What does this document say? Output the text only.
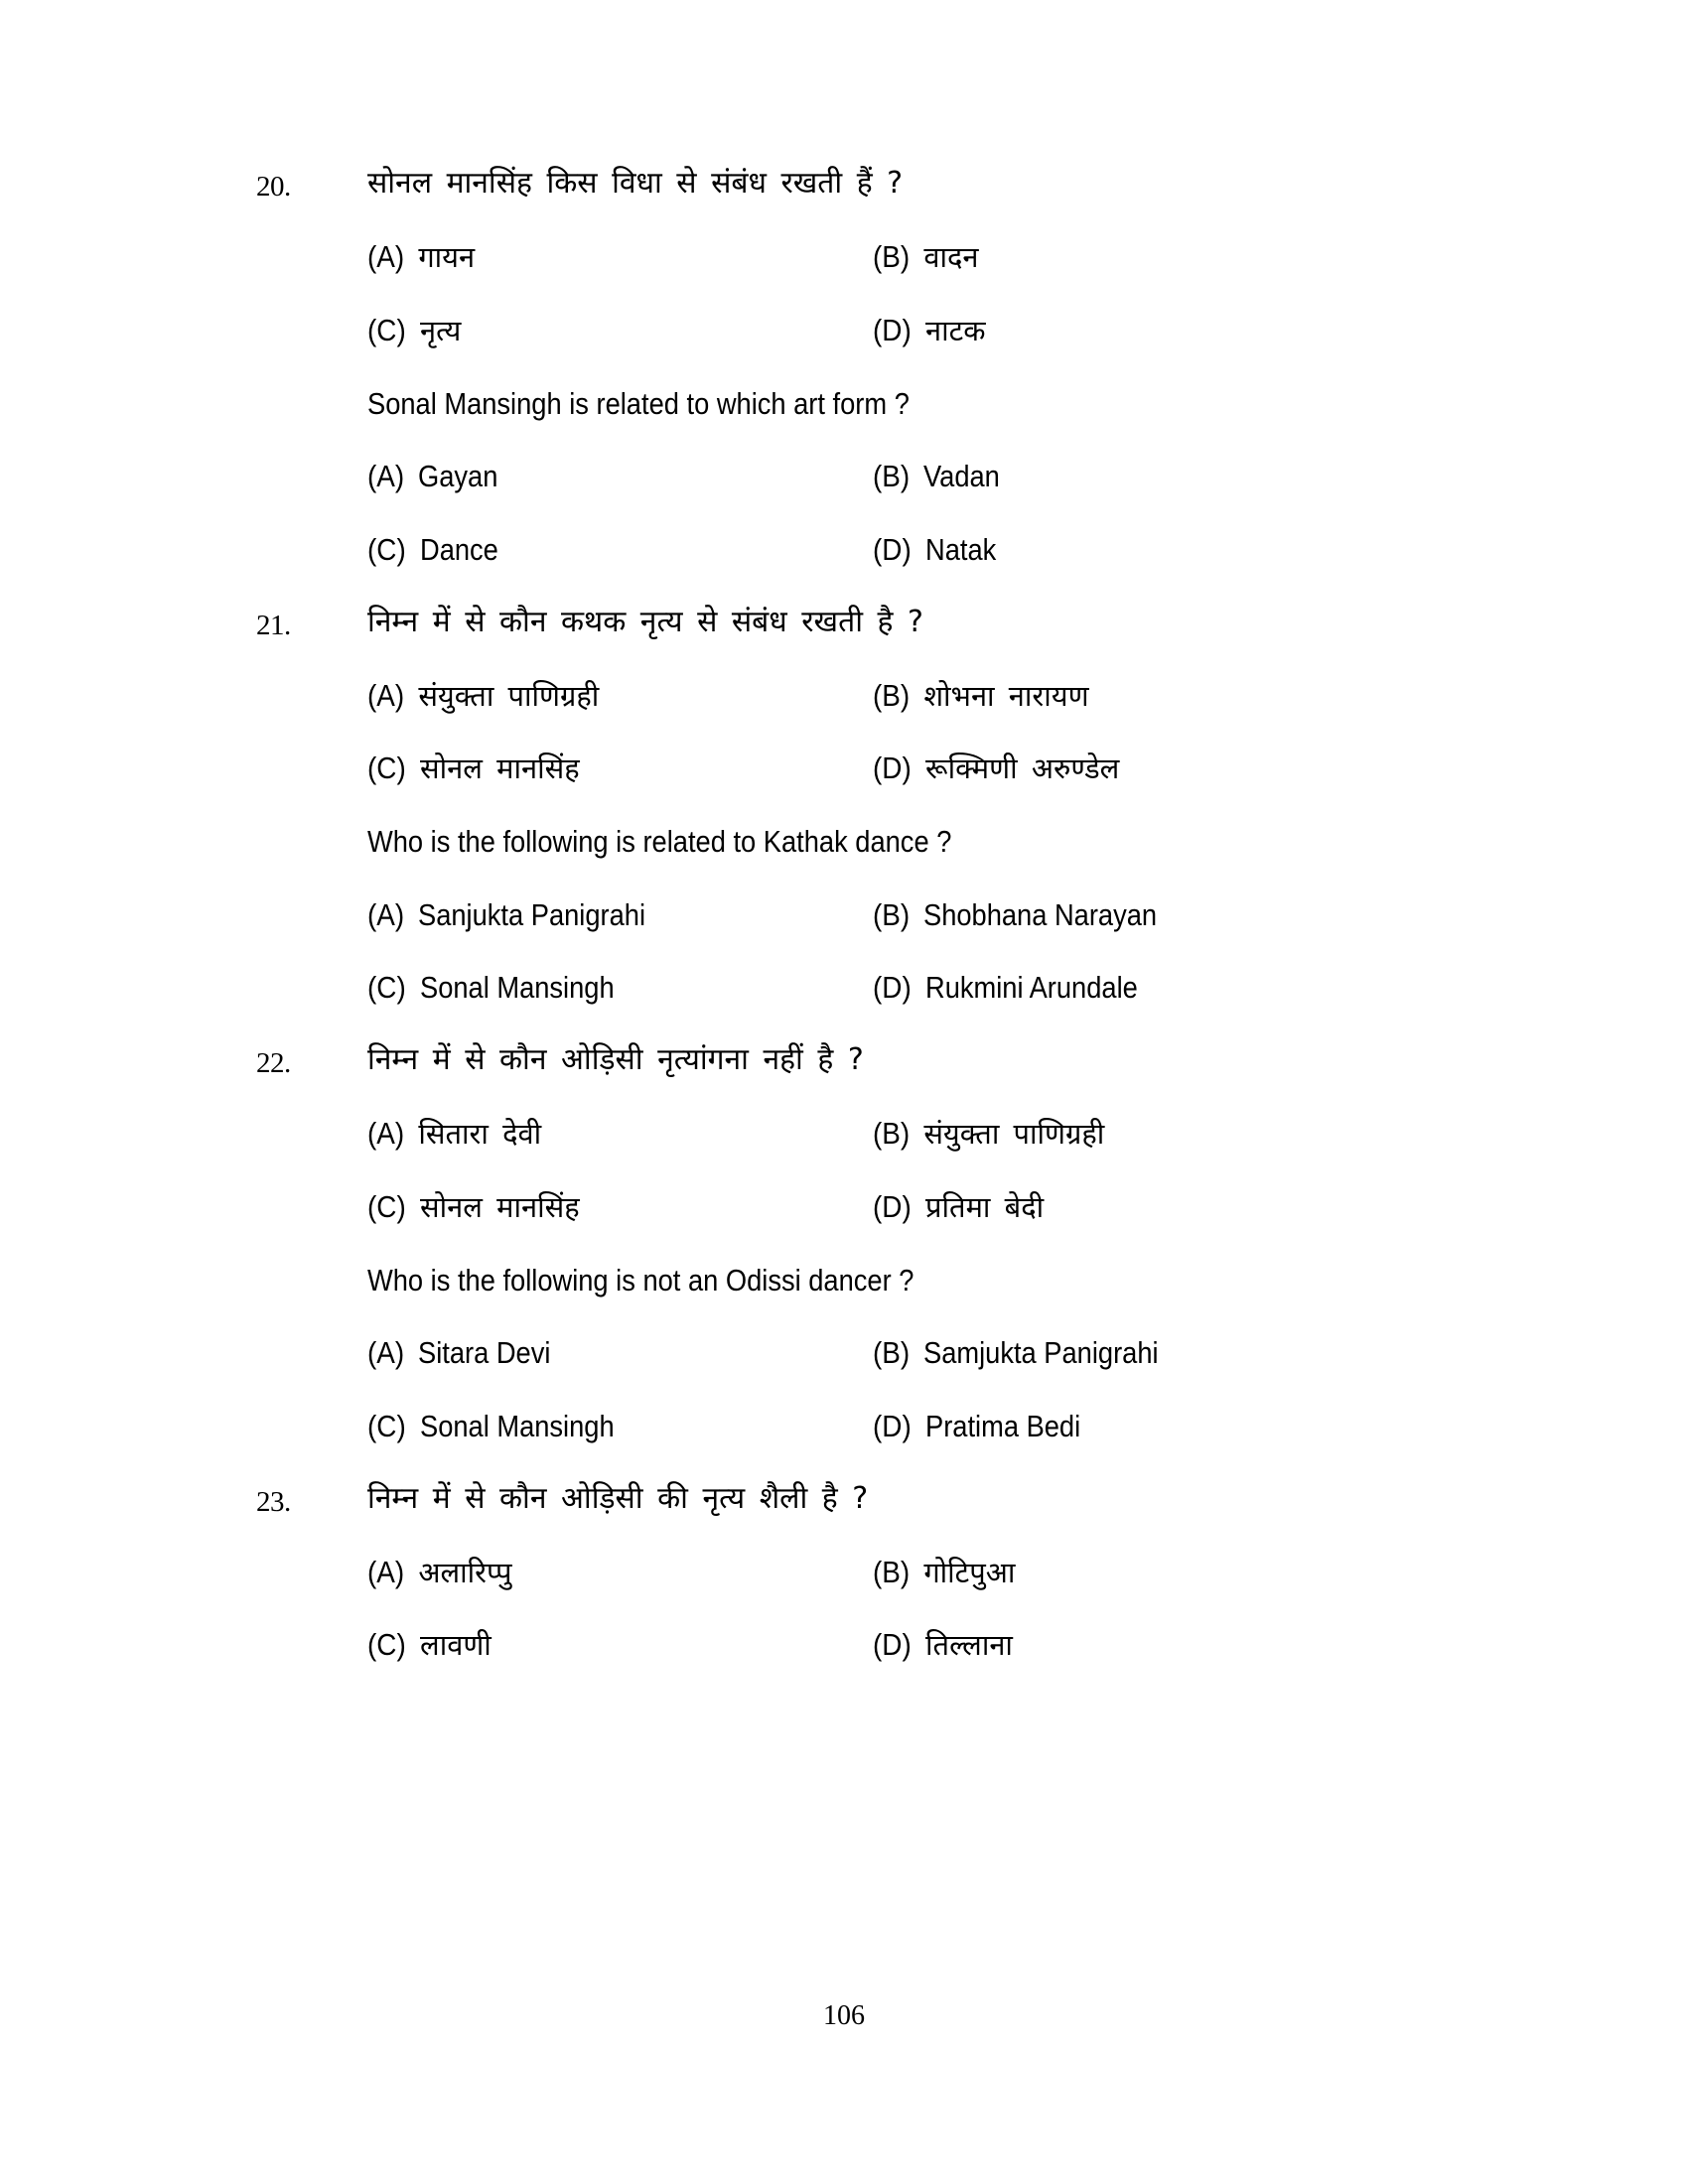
20.	सोनल मानसिंह किस विधा से संबंध रखती हैं ?
(A) गायन	(B) वादन
(C) नृत्य	(D) नाटक
Sonal Mansingh is related to which art form ?
(A) Gayan	(B) Vadan
(C) Dance	(D) Natak
21.	निम्न में से कौन कथक नृत्य से संबंध रखती है ?
(A) संयुक्ता पाणिग्रही	(B) शोभना नारायण
(C) सोनल मानसिंह	(D) रूक्मिणी अरुण्डेल
Who is the following is related to Kathak dance ?
(A) Sanjukta Panigrahi	(B) Shobhana Narayan
(C) Sonal Mansingh	(D) Rukmini Arundale
22.	निम्न में से कौन ओड़िसी नृत्यांगना नहीं है ?
(A) सितारा देवी	(B) संयुक्ता पाणिग्रही
(C) सोनल मानसिंह	(D) प्रतिमा बेदी
Who is the following is not an Odissi dancer ?
(A) Sitara Devi	(B) Samjukta Panigrahi
(C) Sonal Mansingh	(D) Pratima Bedi
23.	निम्न में से कौन ओड़िसी की नृत्य शैली है ?
(A) अलारिप्पु	(B) गोटिपुआ
(C) लावणी	(D) तिल्लाना
106
